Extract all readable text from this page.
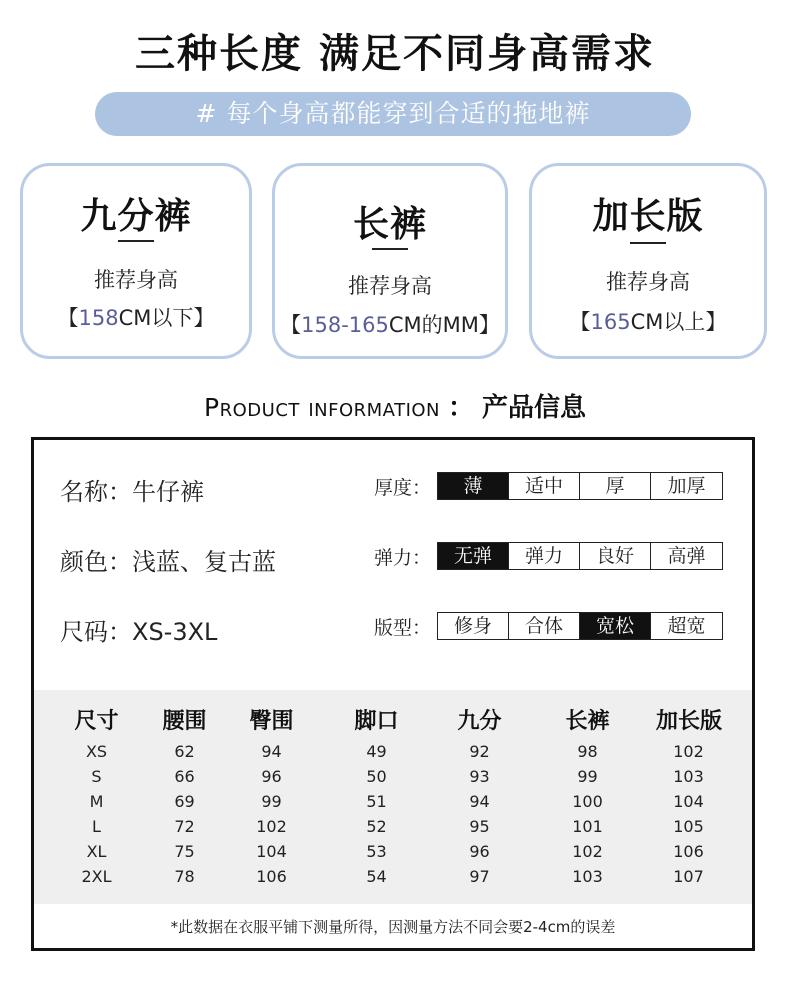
三种长度 满足不同身高需求
# 每个身高都能穿到合适的拖地裤
九分裤
推荐身高
【158CM以下】
长裤
推荐身高
【158-165CM的MM】
加长版
推荐身高
【165CM以上】
Product information ： 产品信息
名称：牛仔裤
颜色：浅蓝、复古蓝
尺码：XS-3XL
厚度：	薄	适中	厚	加厚
弹力：	无弹	弹力	良好	高弹
版型：	修身	合体	宽松	超宽
尺寸	腰围	臀围	脚口	九分	长裤	加长版
XS	62	94	49	92	98	102
S	66	96	50	93	99	103
M	69	99	51	94	100	104
L	72	102	52	95	101	105
XL	75	104	53	96	102	106
2XL	78	106	54	97	103	107
*此数据在衣服平铺下测量所得，因测量方法不同会要2-4cm的误差
